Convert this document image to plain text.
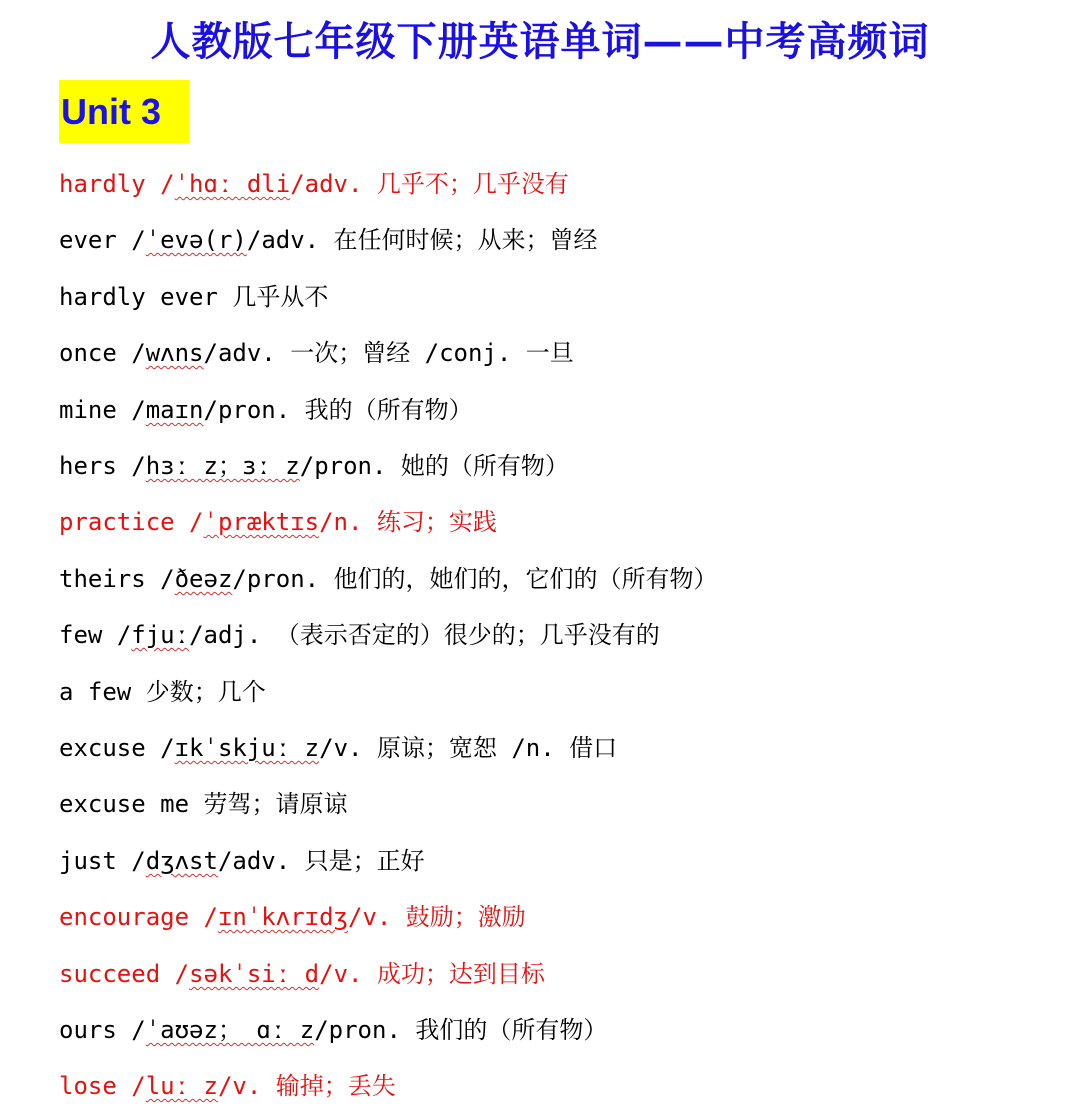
人教版七年级下册英语单词——中考高频词
Unit 3
hardly /ˈhɑː dli/adv. 几乎不；几乎没有
ever /ˈevə(r)/adv. 在任何时候；从来；曾经
hardly ever 几乎从不
once /wʌns/adv. 一次；曾经 /conj. 一旦
mine /maɪn/pron. 我的（所有物）
hers /hɜː z；ɜː z/pron. 她的（所有物）
practice /ˈpræktɪs/n. 练习；实践
theirs /ðeəz/pron. 他们的，她们的，它们的（所有物）
few /fjuː/adj. （表示否定的）很少的；几乎没有的
a few 少数；几个
excuse /ɪkˈskjuː z/v. 原谅；宽恕 /n. 借口
excuse me 劳驾；请原谅
just /dʒʌst/adv. 只是；正好
encourage /ɪnˈkʌrɪdʒ/v. 鼓励；激励
succeed /səkˈsiː d/v. 成功；达到目标
ours /ˈaʊəz； ɑː z/pron. 我们的（所有物）
lose /luː z/v. 输掉；丢失
